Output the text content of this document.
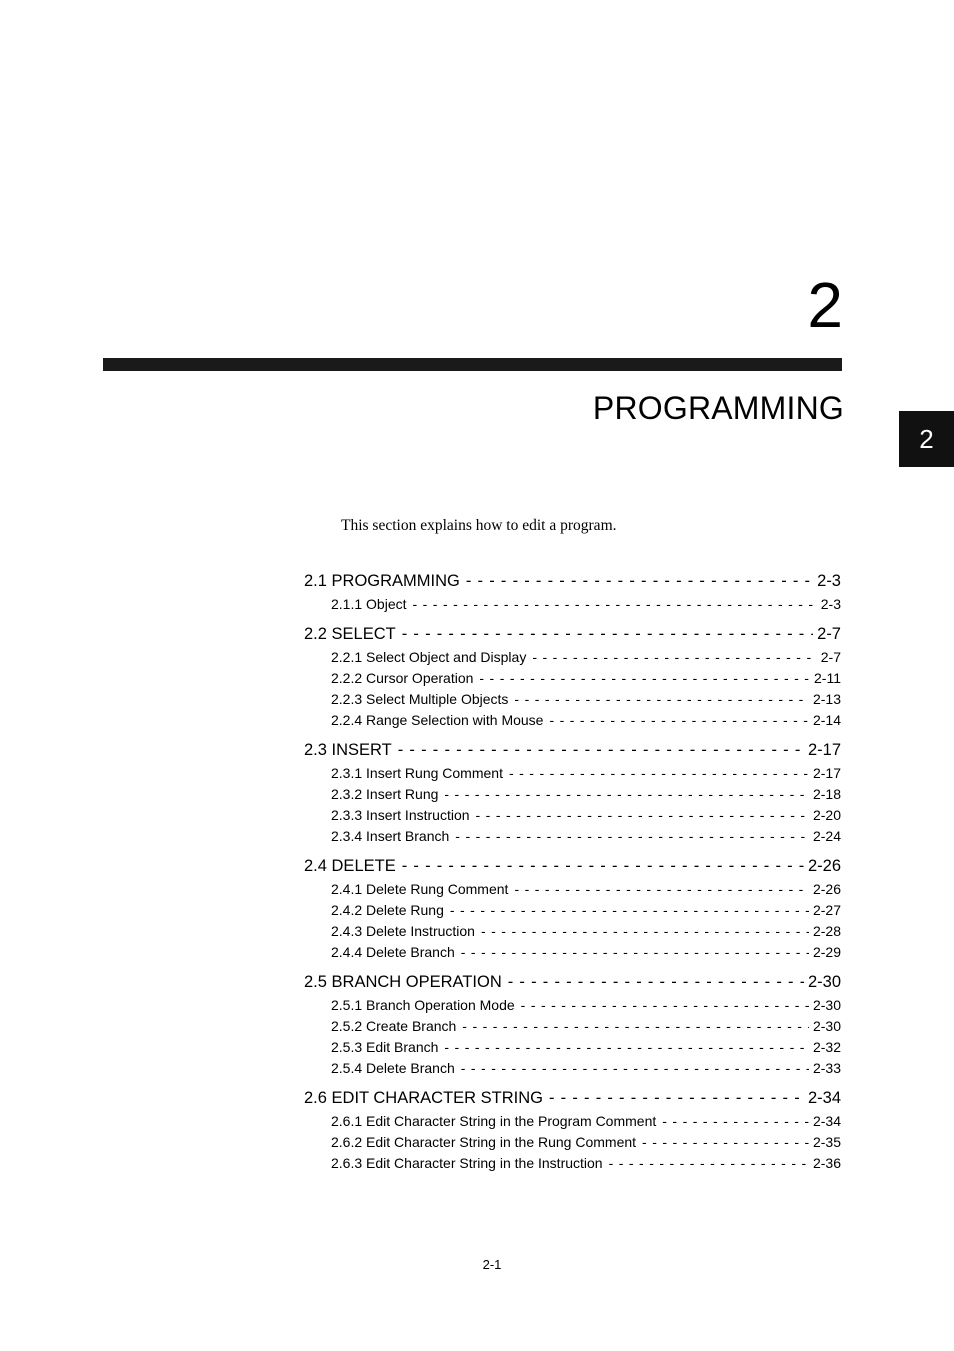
2
PROGRAMMING
2
This section explains how to edit a program.
2.1 PROGRAMMING - - -	2-3
2.1.1 Object - - -	2-3
2.2 SELECT - - -	2-7
2.2.1 Select Object and Display - - -	2-7
2.2.2 Cursor Operation - - -	2-11
2.2.3 Select Multiple Objects - - -	2-13
2.2.4 Range Selection with Mouse - - -	2-14
2.3 INSERT - - -	2-17
2.3.1 Insert Rung Comment - - -	2-17
2.3.2 Insert Rung - - -	2-18
2.3.3 Insert Instruction - - -	2-20
2.3.4 Insert Branch - - -	2-24
2.4 DELETE - - -	2-26
2.4.1 Delete Rung Comment - - -	2-26
2.4.2 Delete Rung - - -	2-27
2.4.3 Delete Instruction - - -	2-28
2.4.4 Delete Branch - - -	2-29
2.5 BRANCH OPERATION - - -	2-30
2.5.1 Branch Operation Mode - - -	2-30
2.5.2 Create Branch - - -	2-30
2.5.3 Edit Branch - - -	2-32
2.5.4 Delete Branch - - -	2-33
2.6 EDIT CHARACTER STRING - - -	2-34
2.6.1 Edit Character String in the Program Comment - - -	2-34
2.6.2 Edit Character String in the Rung Comment - - -	2-35
2.6.3 Edit Character String in the Instruction - - -	2-36
2-1
